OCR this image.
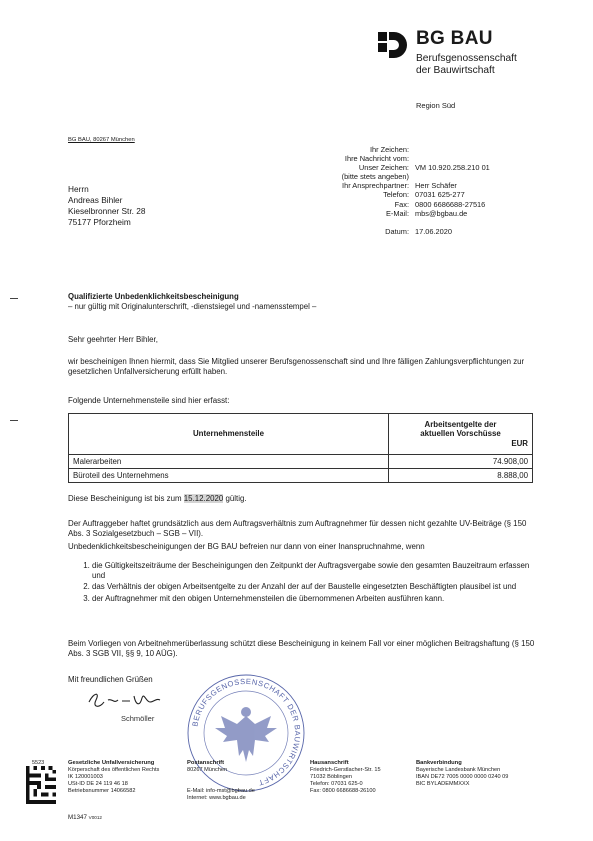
BG BAU
Berufsgenossenschaft
der Bauwirtschaft
Region Süd
BG BAU, 80267 München
Ihr Zeichen:
Ihre Nachricht vom:
Unser Zeichen: VM 10.920.258.210 01
(bitte stets angeben)
Ihr Ansprechpartner: Herr Schäfer
Telefon: 07031 625-277
Fax: 0800 6686688-27516
E-Mail: mbs@bgbau.de
Datum: 17.06.2020
Herrn
Andreas Bihler
Kieselbronner Str. 28
75177 Pforzheim
Qualifizierte Unbedenklichkeitsbescheinigung
– nur gültig mit Originalunterschrift, -dienstsiegel und -namensstempel –
Sehr geehrter Herr Bihler,
wir bescheinigen Ihnen hiermit, dass Sie Mitglied unserer Berufsgenossenschaft sind und Ihre fälligen Zahlungsverpflichtungen zur gesetzlichen Unfallversicherung erfüllt haben.
Folgende Unternehmensteile sind hier erfasst:
Unternehmensteile	Arbeitsentgelte der
aktuellen Vorschüsse
EUR

Malerarbeiten	74.908,00
Büroteil des Unternehmens	8.888,00
Diese Bescheinigung ist bis zum 15.12.2020 gültig.
Der Auftraggeber haftet grundsätzlich aus dem Auftragsverhältnis zum Auftragnehmer für dessen nicht gezahlte UV-Beiträge (§ 150 Abs. 3 Sozialgesetzbuch – SGB – VII).
Unbedenklichkeitsbescheinigungen der BG BAU befreien nur dann von einer Inanspruchnahme, wenn
1. die Gültigkeitszeiträume der Bescheinigungen den Zeitpunkt der Auftragsvergabe sowie den gesamten Bauzeitraum erfassen und
2. das Verhältnis der obigen Arbeitsentgelte zu der Anzahl der auf der Baustelle eingesetzten Beschäftigten plausibel ist und
3. der Auftragnehmer mit den obigen Unternehmensteilen die übernommenen Arbeiten ausführen kann.
Beim Vorliegen von Arbeitnehmerüberlassung schützt diese Bescheinigung in keinem Fall vor einer möglichen Beitragshaftung (§ 150 Abs. 3 SGB VII, §§ 9, 10 AÜG).
Mit freundlichen Grüßen
Schmöller
BERUFSGENOSSENSCHAFT DER BAUWIRTSCHAFT
5523	Gesetzliche Unfallversicherung
Körperschaft des öffentlichen Rechts
IK 120001003
USt-ID DE 24 119 46 18
Betriebsnummer 14066582
Postanschrift
80267 München
E-Mail: info-mst@bgbau.de
Internet: www.bgbau.de
Hausanschrift
Friedrich-Gerstlacher-Str. 15
71032 Böblingen
Telefon: 07031 625-0
Fax: 0800 6686688-26100
Bankverbindung
Bayerische Landesbank München
IBAN DE72 7005 0000 0000 0240 09
BIC BYLADEMMXXX
M1347 V0012
